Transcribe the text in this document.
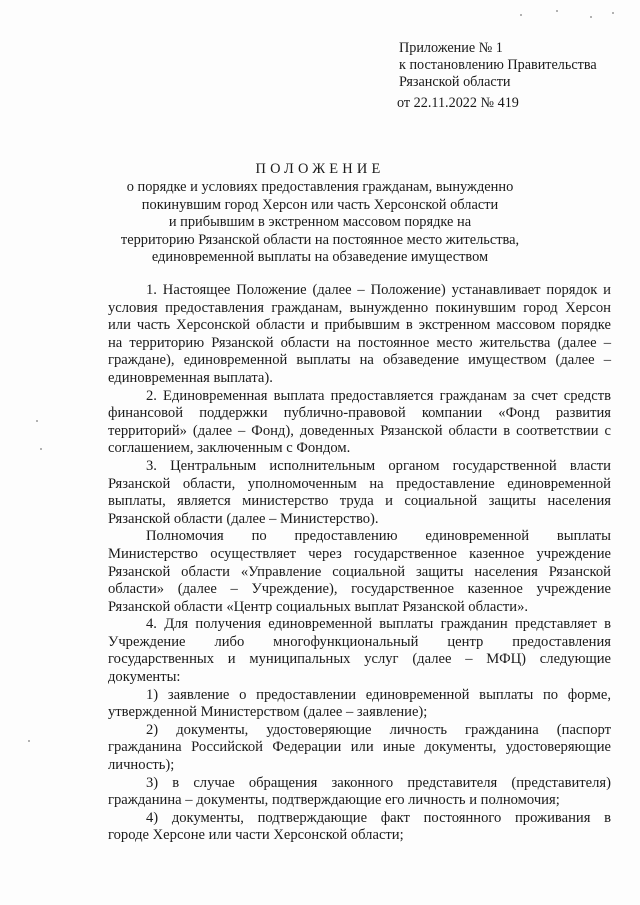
Приложение № 1
к постановлению Правительства
Рязанской области
от 22.11.2022 № 419
ПОЛОЖЕНИЕ
о порядке и условиях предоставления гражданам, вынужденно
покинувшим город Херсон или часть Херсонской области
и прибывшим в экстренном массовом порядке на
территорию Рязанской области на постоянное место жительства,
единовременной выплаты на обзаведение имуществом
1. Настоящее Положение (далее – Положение) устанавливает порядок и
условия предоставления гражданам, вынужденно покинувшим город Херсон
или часть Херсонской области и прибывшим в экстренном массовом порядке
на территорию Рязанской области на постоянное место жительства (далее –
граждане), единовременной выплаты на обзаведение имуществом (далее –
единовременная выплата).
2. Единовременная выплата предоставляется гражданам за счет средств
финансовой поддержки публично-правовой компании «Фонд развития
территорий» (далее – Фонд), доведенных Рязанской области в соответствии с
соглашением, заключенным с Фондом.
3. Центральным исполнительным органом государственной власти
Рязанской области, уполномоченным на предоставление единовременной
выплаты, является министерство труда и социальной защиты населения
Рязанской области (далее – Министерство).
Полномочия по предоставлению единовременной выплаты
Министерство осуществляет через государственное казенное учреждение
Рязанской области «Управление социальной защиты населения Рязанской
области» (далее – Учреждение), государственное казенное учреждение
Рязанской области «Центр социальных выплат Рязанской области».
4. Для получения единовременной выплаты гражданин представляет в
Учреждение либо многофункциональный центр предоставления
государственных и муниципальных услуг (далее – МФЦ) следующие
документы:
1) заявление о предоставлении единовременной выплаты по форме,
утвержденной Министерством (далее – заявление);
2) документы, удостоверяющие личность гражданина (паспорт
гражданина Российской Федерации или иные документы, удостоверяющие
личность);
3) в случае обращения законного представителя (представителя)
гражданина – документы, подтверждающие его личность и полномочия;
4) документы, подтверждающие факт постоянного проживания в
городе Херсоне или части Херсонской области;
